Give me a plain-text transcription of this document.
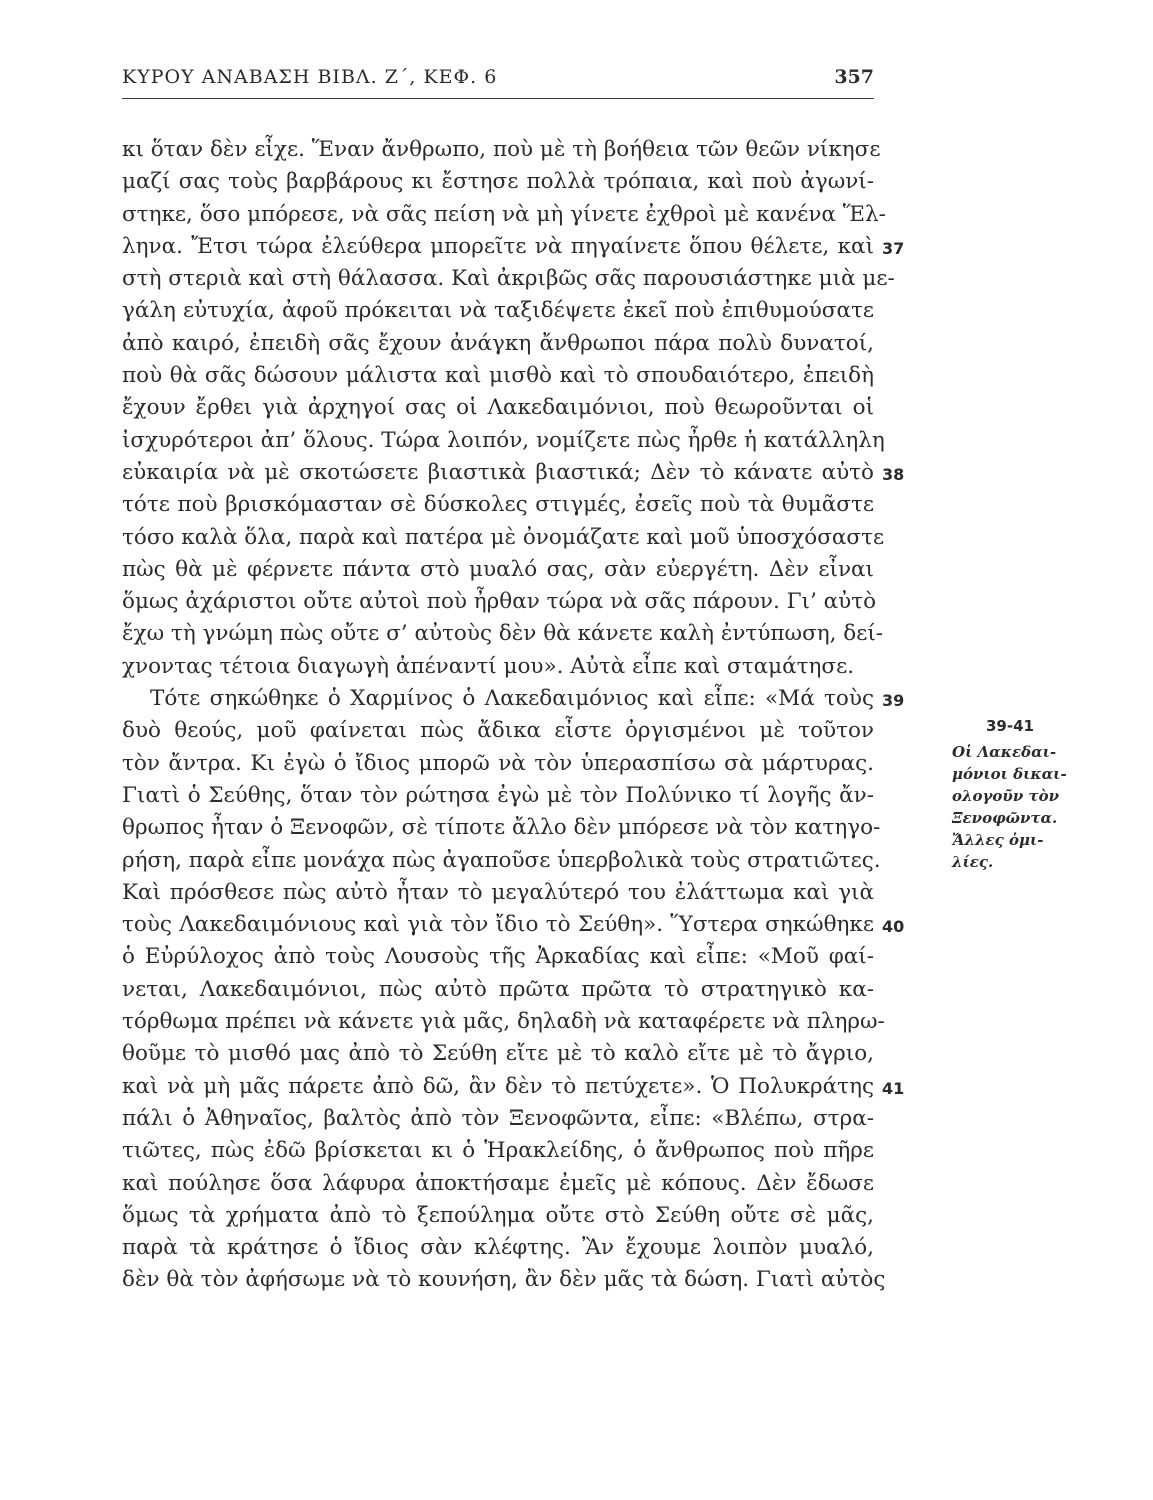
ΚΥΡΟΥ ΑΝΑΒΑΣΗ ΒΙΒΛ. Ζ΄, ΚΕΦ. 6	357
κι ὅταν δὲν εἶχε. Ἕναν ἄνθρωπο, ποὺ μὲ τὴ βοήθεια τῶν θεῶν νίκησε
μαζί σας τοὺς βαρβάρους κι ἔστησε πολλὰ τρόπαια, καὶ ποὺ ἀγωνί-
στηκε, ὅσο μπόρεσε, νὰ σᾶς πείση νὰ μὴ γίνετε ἐχθροὶ μὲ κανένα Ἕλ-
ληνα. Ἔτσι τώρα ἐλεύθερα μπορεῖτε νὰ πηγαίνετε ὅπου θέλετε, καὶ 37
στὴ στεριὰ καὶ στὴ θάλασσα. Καὶ ἀκριβῶς σᾶς παρουσιάστηκε μιὰ με-
γάλη εὐτυχία, ἀφοῦ πρόκειται νὰ ταξιδέψετε ἐκεῖ ποὺ ἐπιθυμούσατε
ἀπὸ καιρό, ἐπειδὴ σᾶς ἔχουν ἀνάγκη ἄνθρωποι πάρα πολὺ δυνατοί,
ποὺ θὰ σᾶς δώσουν μάλιστα καὶ μισθὸ καὶ τὸ σπουδαιότερο, ἐπειδὴ
ἔχουν ἔρθει γιὰ ἀρχηγοί σας οἱ Λακεδαιμόνιοι, ποὺ θεωροῦνται οἱ
ἰσχυρότεροι ἀπ’ ὅλους. Τώρα λοιπόν, νομίζετε πὼς ἦρθε ἡ κατάλληλη
εὐκαιρία νὰ μὲ σκοτώσετε βιαστικὰ βιαστικά; Δὲν τὸ κάνατε αὐτὸ 38
τότε ποὺ βρισκόμασταν σὲ δύσκολες στιγμές, ἐσεῖς ποὺ τὰ θυμᾶστε
τόσο καλὰ ὅλα, παρὰ καὶ πατέρα μὲ ὀνομάζατε καὶ μοῦ ὑποσχόσαστε
πὼς θὰ μὲ φέρνετε πάντα στὸ μυαλό σας, σὰν εὐεργέτη. Δὲν εἶναι
ὅμως ἀχάριστοι οὔτε αὐτοὶ ποὺ ἦρθαν τώρα νὰ σᾶς πάρουν. Γι’ αὐτὸ
ἔχω τὴ γνώμη πὼς οὔτε σ’ αὐτοὺς δὲν θὰ κάνετε καλὴ ἐντύπωση, δεί-
χνοντας τέτοια διαγωγὴ ἀπέναντί μου». Αὐτὰ εἶπε καὶ σταμάτησε.
Τότε σηκώθηκε ὁ Χαρμίνος ὁ Λακεδαιμόνιος καὶ εἶπε: «Μά τοὺς 39
δυὸ θεούς, μοῦ φαίνεται πὼς ἄδικα εἶστε ὀργισμένοι μὲ τοῦτον
τὸν ἄντρα. Κι ἐγὼ ὁ ἴδιος μπορῶ νὰ τὸν ὑπερασπίσω σὰ μάρτυρας.
Γιατὶ ὁ Σεύθης, ὅταν τὸν ρώτησα ἐγὼ μὲ τὸν Πολύνικο τί λογῆς ἄν-
θρωπος ἦταν ὁ Ξενοφῶν, σὲ τίποτε ἄλλο δὲν μπόρεσε νὰ τὸν κατηγο-
ρήση, παρὰ εἶπε μονάχα πὼς ἀγαποῦσε ὑπερβολικὰ τοὺς στρατιῶτες.
Καὶ πρόσθεσε πὼς αὐτὸ ἦταν τὸ μεγαλύτερό του ἐλάττωμα καὶ γιὰ
τοὺς Λακεδαιμόνιους καὶ γιὰ τὸν ἴδιο τὸ Σεύθη». Ὕστερα σηκώθηκε 40
ὁ Εὐρύλοχος ἀπὸ τοὺς Λουσοὺς τῆς Ἀρκαδίας καὶ εἶπε: «Μοῦ φαί-
νεται, Λακεδαιμόνιοι, πὼς αὐτὸ πρῶτα πρῶτα τὸ στρατηγικὸ κα-
τόρθωμα πρέπει νὰ κάνετε γιὰ μᾶς, δηλαδὴ νὰ καταφέρετε νὰ πληρω-
θοῦμε τὸ μισθό μας ἀπὸ τὸ Σεύθη εἴτε μὲ τὸ καλὸ εἴτε μὲ τὸ ἄγριο,
καὶ νὰ μὴ μᾶς πάρετε ἀπὸ δῶ, ἂν δὲν τὸ πετύχετε». Ὁ Πολυκράτης 41
πάλι ὁ Ἀθηναῖος, βαλτὸς ἀπὸ τὸν Ξενοφῶντα, εἶπε: «Βλέπω, στρα-
τιῶτες, πὼς ἐδῶ βρίσκεται κι ὁ Ἡρακλείδης, ὁ ἄνθρωπος ποὺ πῆρε
καὶ πούλησε ὅσα λάφυρα ἀποκτήσαμε ἐμεῖς μὲ κόπους. Δὲν ἔδωσε
ὅμως τὰ χρήματα ἀπὸ τὸ ξεπούλημα οὔτε στὸ Σεύθη οὔτε σὲ μᾶς,
παρὰ τὰ κράτησε ὁ ἴδιος σὰν κλέφτης. Ἂν ἔχουμε λοιπὸν μυαλό,
δὲν θὰ τὸν ἀφήσωμε νὰ τὸ κουνήση, ἂν δὲν μᾶς τὰ δώση. Γιατὶ αὐτὸς
39-41
Οἱ Λακεδαι-
μόνιοι δικαι-
ολογοῦν τὸν
Ξενοφῶντα.
Ἄλλες ὁμι-
λίες.
